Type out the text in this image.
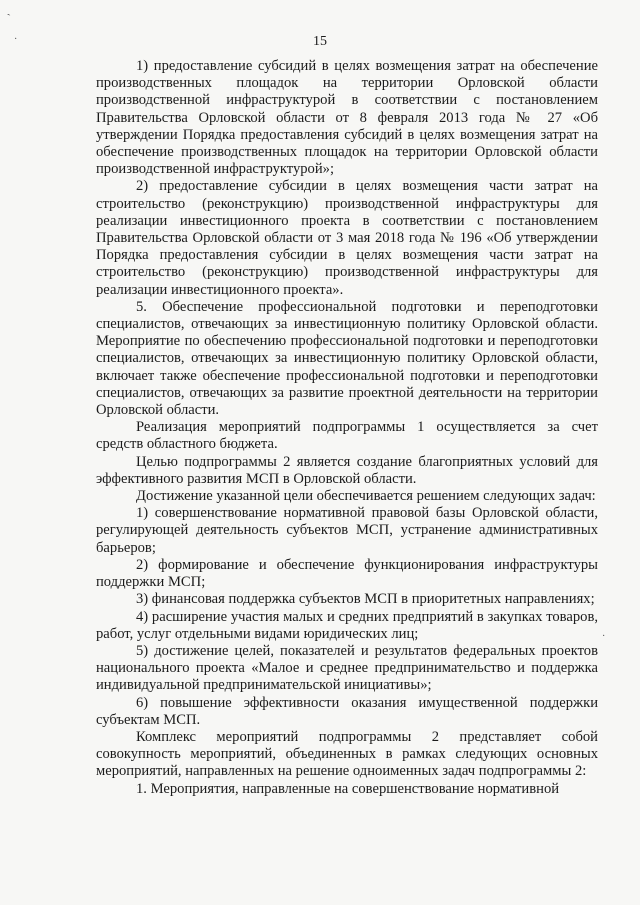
ˋ
·
·
15

1) предоставление субсидий в целях возмещения затрат на обеспечение производственных площадок на территории Орловской области производственной инфраструктурой в соответствии с постановлением Правительства Орловской области от 8 февраля 2013 года № 27 «Об утверждении Порядка предоставления субсидий в целях возмещения затрат на обеспечение производственных площадок на территории Орловской области производственной инфраструктурой»;

2) предоставление субсидии в целях возмещения части затрат на строительство (реконструкцию) производственной инфраструктуры для реализации инвестиционного проекта в соответствии с постановлением Правительства Орловской области от 3 мая 2018 года № 196 «Об утверждении Порядка предоставления субсидии в целях возмещения части затрат на строительство (реконструкцию) производственной инфраструктуры для реализации инвестиционного проекта».

5. Обеспечение профессиональной подготовки и переподготовки специалистов, отвечающих за инвестиционную политику Орловской области. Мероприятие по обеспечению профессиональной подготовки и переподготовки специалистов, отвечающих за инвестиционную политику Орловской области, включает также обеспечение профессиональной подготовки и переподготовки специалистов, отвечающих за развитие проектной деятельности на территории Орловской области.

Реализация мероприятий подпрограммы 1 осуществляется за счет средств областного бюджета.

Целью подпрограммы 2 является создание благоприятных условий для эффективного развития МСП в Орловской области.

Достижение указанной цели обеспечивается решением следующих задач:

1) совершенствование нормативной правовой базы Орловской области, регулирующей деятельность субъектов МСП, устранение административных барьеров;

2) формирование и обеспечение функционирования инфраструктуры поддержки МСП;

3) финансовая поддержка субъектов МСП в приоритетных направлениях;

4) расширение участия малых и средних предприятий в закупках товаров, работ, услуг отдельными видами юридических лиц;

5) достижение целей, показателей и результатов федеральных проектов национального проекта «Малое и среднее предпринимательство и поддержка индивидуальной предпринимательской инициативы»;

6) повышение эффективности оказания имущественной поддержки субъектам МСП.

Комплекс мероприятий подпрограммы 2 представляет собой совокупность мероприятий, объединенных в рамках следующих основных мероприятий, направленных на решение одноименных задач подпрограммы 2:

1. Мероприятия, направленные на совершенствование нормативной
